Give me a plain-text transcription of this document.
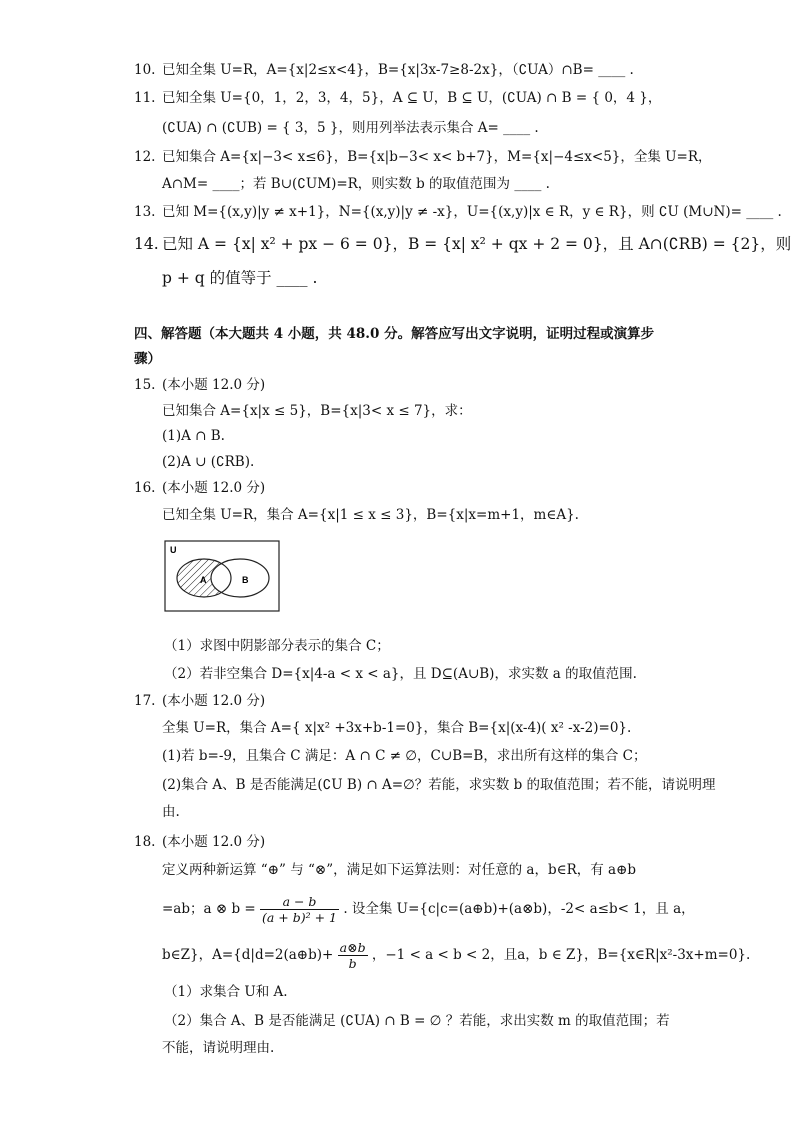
10. 已知全集 U=R，A={x|2≤x<4}，B={x|3x-7≥8-2x}，（∁UA）∩B= ____ .
11. 已知全集 U={0，1，2，3，4，5}，A ⊆ U，B ⊆ U，(∁UA) ∩ B = { 0，4 }，
(∁UA) ∩ (∁UB) = { 3，5 }，则用列举法表示集合 A= ____ .
12. 已知集合 A={x|−3< x≤6}，B={x|b−3< x< b+7}，M={x|−4≤x<5}，全集 U=R，
A∩M= ____；若 B∪(∁UM)=R，则实数 b 的取值范围为 ____ .
13. 已知 M={(x,y)|y ≠ x+1}，N={(x,y)|y ≠ -x}，U={(x,y)|x ∈ R，y ∈ R}，则 ∁U (M∪N)= ____ .
14. 已知 A = {x| x² + px − 6 = 0}，B = {x| x² + qx + 2 = 0}，且 A∩(∁RB) = {2}，则
p + q 的值等于 ____ .
四、解答题（本大题共 4 小题，共 48.0 分。解答应写出文字说明，证明过程或演算步
骤）
15. (本小题 12.0 分)
已知集合 A={x|x ≤ 5}，B={x|3< x ≤ 7}，求：
(1)A ∩ B.
(2)A ∪ (∁RB).
16. (本小题 12.0 分)
已知全集 U=R，集合 A={x|1 ≤ x ≤ 3}，B={x|x=m+1，m∈A}.
U
A	B
（1）求图中阴影部分表示的集合 C；
（2）若非空集合 D={x|4-a < x < a}，且 D⊆(A∪B)，求实数 a 的取值范围.
17. (本小题 12.0 分)
全集 U=R，集合 A={ x|x² +3x+b-1=0}，集合 B={x|(x-4)( x² -x-2)=0}.
(1)若 b=-9，且集合 C 满足：A ∩ C ≠ ∅，C∪B=B，求出所有这样的集合 C；
(2)集合 A、B 是否能满足(∁U B) ∩ A=∅？若能，求实数 b 的取值范围；若不能，请说明理
由.
18. (本小题 12.0 分)
定义两种新运算 “⊕” 与 “⊗”，满足如下运算法则：对任意的 a，b∈R，有 a⊕b
=ab；a ⊗ $b = \frac{a - b}{\text{(a + b)² + 1}}$ . 设全集 U={c|c=(a⊕b)+(a⊗b)，-2< a≤b< 1，且 a，
b∈Z}，A={d|d=2(a⊕b)+ $\frac{a\otimes b}{b}$ ，−1 < a < b < 2，且a，b ∈ Z}，B={x∈R|x²-3x+m=0}.
（1）求集合 U和 A.
（2）集合 A、B 是否能满足 (∁UA) ∩ B = ∅ ？若能，求出实数 m 的取值范围；若
不能，请说明理由.
